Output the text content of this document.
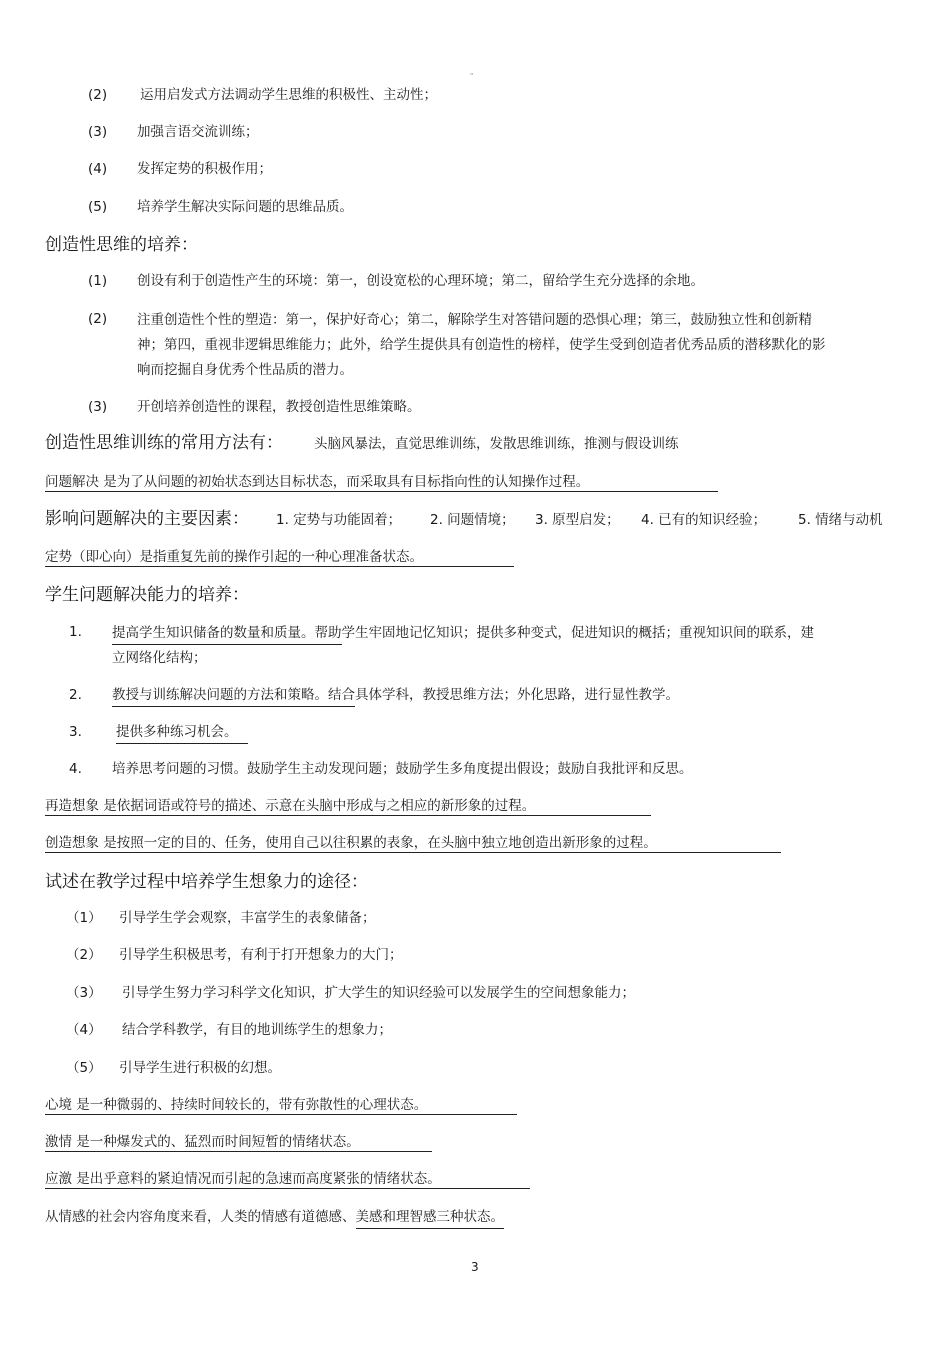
"
(2) 运用启发式方法调动学生思维的积极性、主动性；
(3) 加强言语交流训练；
(4) 发挥定势的积极作用；
(5) 培养学生解决实际问题的思维品质。
创造性思维的培养：
(1) 创设有利于创造性产生的环境：第一，创设宽松的心理环境；第二，留给学生充分选择的余地。
(2) 注重创造性个性的塑造：第一，保护好奇心；第二，解除学生对答错问题的恐惧心理；第三，鼓励独立性和创新精神；第四，重视非逻辑思维能力；此外，给学生提供具有创造性的榜样，使学生受到创造者优秀品质的潜移默化的影响而挖掘自身优秀个性品质的潜力。
(3) 开创培养创造性的课程，教授创造性思维策略。
创造性思维训练的常用方法有： 头脑风暴法，直觉思维训练，发散思维训练，推测与假设训练
问题解决 是为了从问题的初始状态到达目标状态，而采取具有目标指向性的认知操作过程。
影响问题解决的主要因素： 1. 定势与功能固着； 2. 问题情境； 3. 原型启发； 4. 已有的知识经验； 5. 情绪与动机
定势（即心向）是指重复先前的操作引起的一种心理准备状态。
学生问题解决能力的培养：
1. 提高学生知识储备的数量和质量。帮助学生牢固地记忆知识；提供多种变式，促进知识的概括；重视知识间的联系，建立网络化结构；
2. 教授与训练解决问题的方法和策略。结合具体学科，教授思维方法；外化思路，进行显性教学。
3.	提供多种练习机会。
4. 培养思考问题的习惯。鼓励学生主动发现问题；鼓励学生多角度提出假设；鼓励自我批评和反思。
再造想象 是依据词语或符号的描述、示意在头脑中形成与之相应的新形象的过程。
创造想象 是按照一定的目的、任务，使用自己以往积累的表象，在头脑中独立地创造出新形象的过程。
试述在教学过程中培养学生想象力的途径：
（1） 引导学生学会观察，丰富学生的表象储备；
（2） 引导学生积极思考，有利于打开想象力的大门；
（3） 引导学生努力学习科学文化知识，扩大学生的知识经验可以发展学生的空间想象能力；
（4） 结合学科教学，有目的地训练学生的想象力；
（5） 引导学生进行积极的幻想。
心境 是一种微弱的、持续时间较长的，带有弥散性的心理状态。
激情 是一种爆发式的、猛烈而时间短暂的情绪状态。
应激 是出乎意料的紧迫情况而引起的急速而高度紧张的情绪状态。
从情感的社会内容角度来看，人类的情感有道德感、美感和理智感三种状态。
3
